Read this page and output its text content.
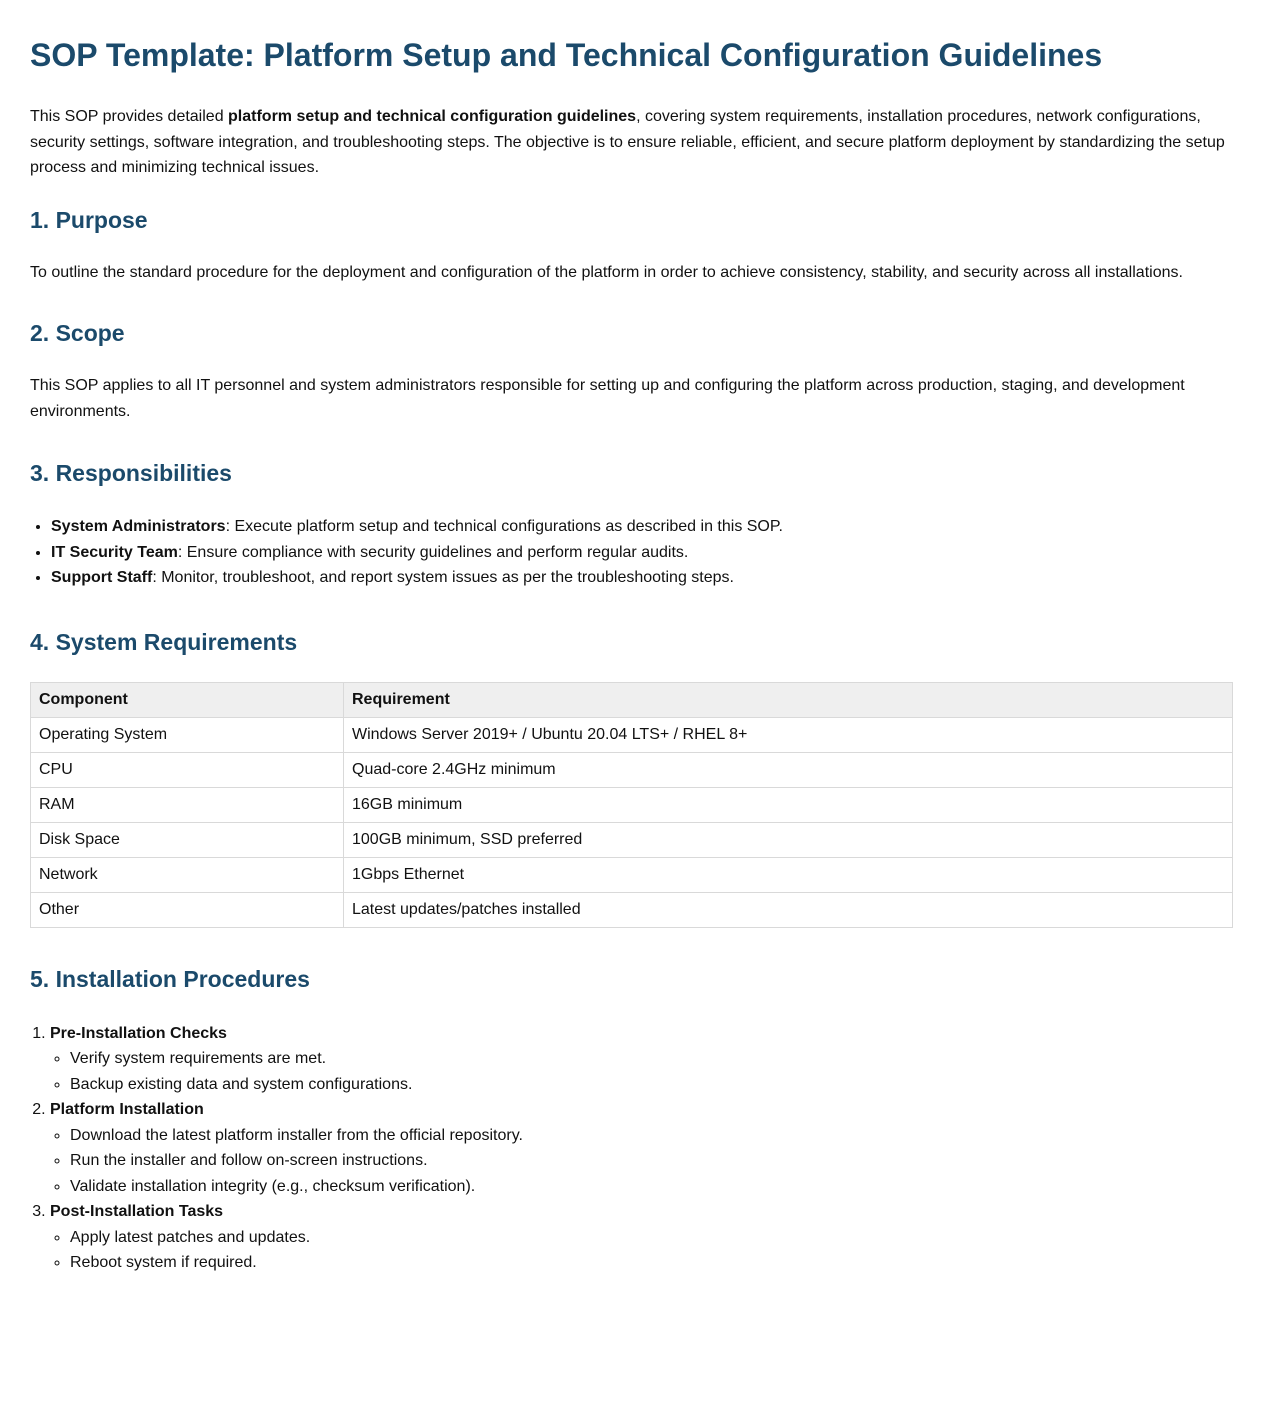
SOP Template: Platform Setup and Technical Configuration Guidelines

This SOP provides detailed platform setup and technical configuration guidelines, covering system requirements, installation procedures, network configurations, security settings, software integration, and troubleshooting steps. The objective is to ensure reliable, efficient, and secure platform deployment by standardizing the setup process and minimizing technical issues.

1. Purpose

To outline the standard procedure for the deployment and configuration of the platform in order to achieve consistency, stability, and security across all installations.

2. Scope

This SOP applies to all IT personnel and system administrators responsible for setting up and configuring the platform across production, staging, and development environments.

3. Responsibilities
• System Administrators: Execute platform setup and technical configurations as described in this SOP.
• IT Security Team: Ensure compliance with security guidelines and perform regular audits.
• Support Staff: Monitor, troubleshoot, and report system issues as per the troubleshooting steps.
4. System Requirements
Component	Requirement
Operating System	Windows Server 2019+ / Ubuntu 20.04 LTS+ / RHEL 8+
CPU	Quad-core 2.4GHz minimum
RAM	16GB minimum
Disk Space	100GB minimum, SSD preferred
Network	1Gbps Ethernet
Other	Latest updates/patches installed
5. Installation Procedures
1. Pre-Installation Checks
◦ Verify system requirements are met.
◦ Backup existing data and system configurations.
2. Platform Installation
◦ Download the latest platform installer from the official repository.
◦ Run the installer and follow on-screen instructions.
◦ Validate installation integrity (e.g., checksum verification).
3. Post-Installation Tasks
◦ Apply latest patches and updates.
◦ Reboot system if required.
